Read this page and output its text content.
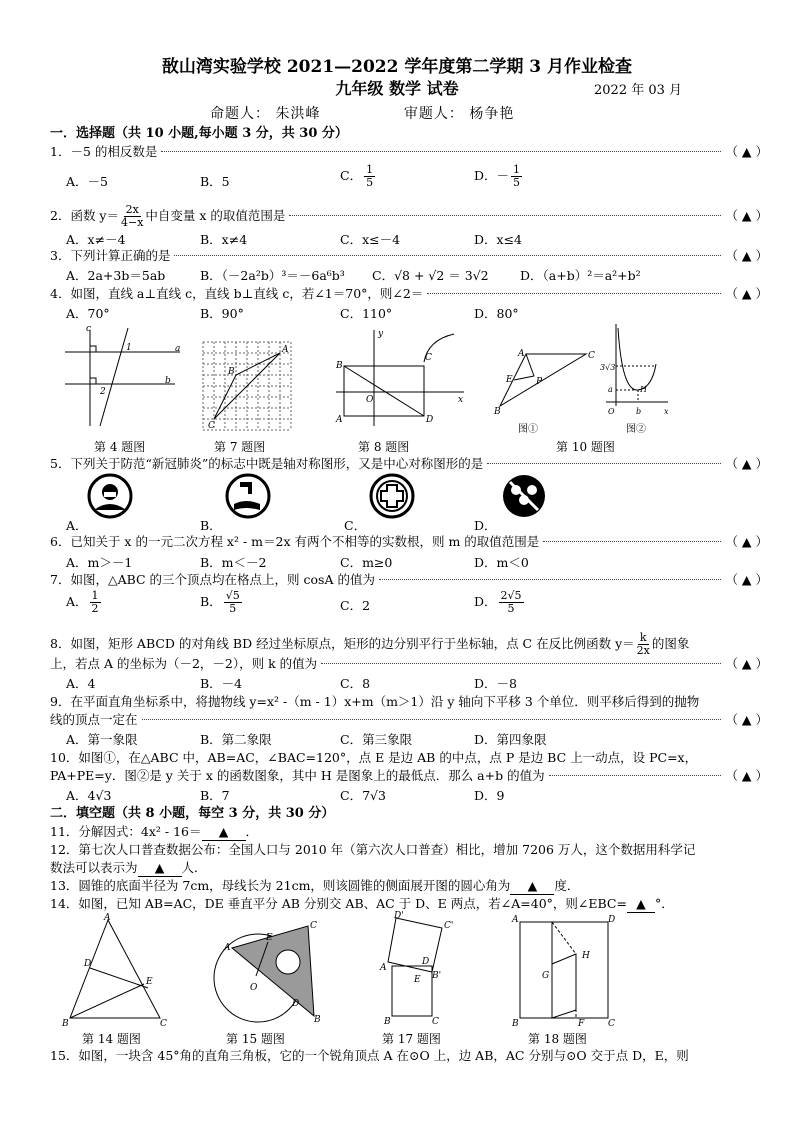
敔山湾实验学校 2021—2022 学年度第二学期 3 月作业检查
九年级 数学 试卷	2022 年 03 月
命题人： 朱洪峰	审题人： 杨争艳
一．选择题（共 10 小题,每小题 3 分，共 30 分）
1．－5 的相反数是	（ ▲ ）
A．－5	B．5	C． $\frac{1}{5}$	D．－ $\frac{1}{5}$
2．函数 $y= \frac{2x}{4-x}$ 中自变量 x 的取值范围是	（ ▲ ）
A．x≠－4	B．x≠4	C．x≤－4	D．x≤4
3．下列计算正确的是	（ ▲ ）
A．2a+3b＝5ab	B．（－2a²b）³＝－6a⁶b³ C．√8 + √2 ＝ 3√2	D．（a+b）²＝a²+b²
4．如图，直线 a⊥直线 c，直线 b⊥直线 c，若∠1＝70°，则∠2＝	（ ▲ ）
A．70°	B．90°	C．110°	D．80°
c
a
b
1
2
A
B
C
y
x
O
B
C
A	D
A	C
E	P
B
3√3
a	H
O	b	x
第 4 题图	第 7 题图	第 8 题图
图①
第 10 题图
图②
5．下列关于防范“新冠肺炎”的标志中既是轴对称图形，又是中心对称图形的是	（ ▲ ）
A．	B．	C．	D．
6．已知关于 x 的一元二次方程 x² - m＝2x 有两个不相等的实数根，则 m 的取值范围是	（ ▲ ）
A．m＞－1	B．m＜－2	C．m≥0	D．m＜0
7．如图，△ABC 的三个顶点均在格点上，则 cosA 的值为	（ ▲ ）
A． $\frac{1}{2}$	B． $\frac{√5}{5}$	C．2	D． $\frac{2√5}{5}$
8．如图，矩形 ABCD 的对角线 BD 经过坐标原点，矩形的边分别平行于坐标轴，点 C 在反比例函数 $y= \frac{k}{2x}$ 的图象
上，若点 A 的坐标为（－2，－2），则 k 的值为	（ ▲ ）
A．4	B．－4	C．8	D．－8
9．在平面直角坐标系中，将抛物线 y=x² -（m - 1）x+m（m＞1）沿 y 轴向下平移 3 个单位．则平移后得到的抛物
线的顶点一定在	（ ▲ ）
A．第一象限	B．第二象限	C．第三象限	D．第四象限
10．如图①，在△ABC 中，AB=AC，∠BAC=120°，点 E 是边 AB 的中点，点 P 是边 BC 上一动点，设 PC=x，
PA+PE=y．图②是 y 关于 x 的函数图象，其中 H 是图象上的最低点．那么 a+b 的值为	（ ▲ ）
A．4√3	B．7	C．7√3	D．9
二．填空题（共 8 小题，每空 3 分，共 30 分）
11．分解因式：4x² - 16＝ ▲ ．
12．第七次人口普查数据公布：全国人口与 2010 年（第六次人口普查）相比，增加 7206 万人，这个数据用科学记
数法可以表示为 ▲ 人．
13．圆锥的底面半径为 7cm，母线长为 21cm，则该圆锥的侧面展开图的圆心角为 ▲ 度．
14．如图，已知 AB=AC，DE 垂直平分 AB 分别交 AB、AC 于 D、E 两点，若∠A=40°，则∠EBC= ▲ °．
A
D
E
B	C
A
E
C
O
D
B
D'
C'
A
D
B'
E
B	C
A	D
G
H
B	F	C
第 14 题图	第 15 题图	第 17 题图	第 18 题图
15．如图，一块含 45°角的直角三角板，它的一个锐角顶点 A 在⊙O 上，边 AB，AC 分别与⊙O 交于点 D，E，则
